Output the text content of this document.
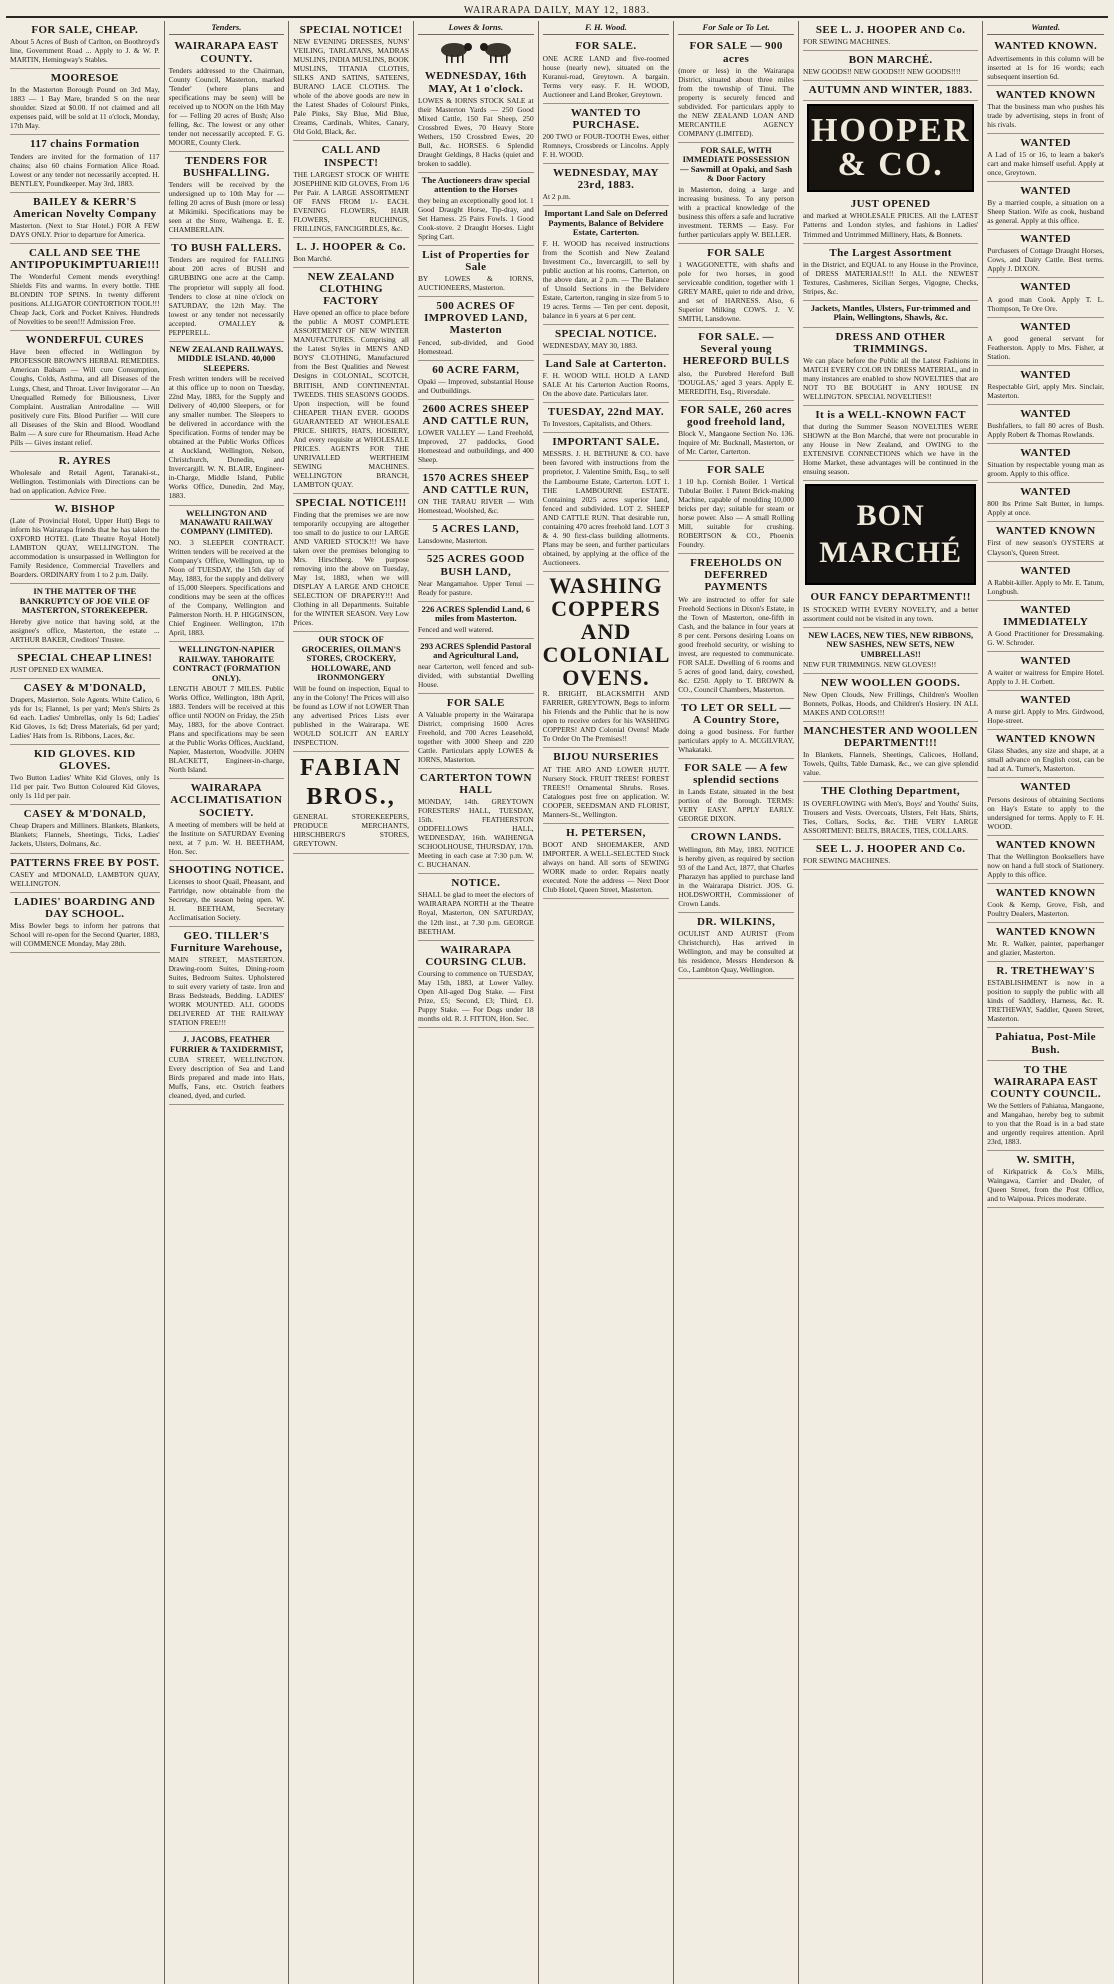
WAIRARAPA DAILY, MAY 12, 1883.
FOR SALE, CHEAP.

About 5 Acres of Bush of Carlton, on Boothroyd's line, Government Road ... Apply to J. & W. P. MARTIN, Hemingway's Stables.

MOORESOE

In the Masterton Borough Pound on 3rd May, 1883 — 1 Bay Mare, branded S on the near shoulder. Sized at $0.00. If not claimed and all expenses paid, will be sold at 11 o'clock, Monday, 17th May.

117 chains Formation

Tenders are invited for the formation of 117 chains; also 60 chains Formation Alice Road. Lowest or any tender not necessarily accepted. H. BENTLEY, Poundkeeper. May 3rd, 1883.

BAILEY & KERR'S American Novelty Company

Masterton. (Next to Star Hotel.) FOR A FEW DAYS ONLY. Prior to departure for America.

CALL AND SEE THE ANTIPOPUKIMPTUARIE!!!

The Wonderful Cement mends everything! Shields Fits and warms. In every bottle. THE BLONDIN TOP SPINS. In twenty different positions. ALLIGATOR CONTORTION TOOL!!! Cheap Jack, Cork and Pocket Knives. Hundreds of Novelties to be seen!!! Admission Free.

WONDERFUL CURES

Have been effected in Wellington by PROFESSOR BROWN'S HERBAL REMEDIES. American Balsam — Will cure Consumption, Coughs, Colds, Asthma, and all Diseases of the Lungs, Chest, and Throat. Liver Invigorator — An Unequalled Remedy for Biliousness, Liver Complaint. Australian Antrodaline — Will positively cure Fits. Blood Purifier — Will cure all Diseases of the Skin and Blood. Woodland Balm — A sure cure for Rheumatism. Head Ache Pills — Gives instant relief.

R. AYRES

Wholesale and Retail Agent, Taranaki-st., Wellington. Testimonials with Directions can be had on application. Advice Free.

W. BISHOP

(Late of Provincial Hotel, Upper Hutt) Begs to inform his Wairarapa friends that he has taken the OXFORD HOTEL (Late Theatre Royal Hotel) LAMBTON QUAY, WELLINGTON. The accommodation is unsurpassed in Wellington for Family Residence, Commercial Travellers and Boarders. ORDINARY from 1 to 2 p.m. Daily.

IN THE MATTER OF THE BANKRUPTCY OF JOE VILE OF MASTERTON, STOREKEEPER.

Hereby give notice that having sold, at the assignee's office, Masterton, the estate ... ARTHUR BAKER, Creditors' Trustee.

SPECIAL CHEAP LINES!

JUST OPENED EX WAIMEA.

CASEY & M'DONALD,

Drapers, Masterton. Sole Agents. White Calico, 6 yds for 1s; Flannel, 1s per yard; Men's Shirts 2s 6d each. Ladies' Umbrellas, only 1s 6d; Ladies' Kid Gloves, 1s 6d; Dress Materials, 6d per yard; Ladies' Hats from 1s. Ribbons, Laces, &c.

KID GLOVES. KID GLOVES.

Two Button Ladies' White Kid Gloves, only 1s 11d per pair. Two Button Coloured Kid Gloves, only 1s 11d per pair.

CASEY & M'DONALD,

Cheap Drapers and Milliners. Blankets, Blankets, Blankets; Flannels, Sheetings, Ticks, Ladies' Jackets, Ulsters, Dolmans, &c.

PATTERNS FREE BY POST.

CASEY and M'DONALD, LAMBTON QUAY, WELLINGTON.

LADIES' BOARDING AND DAY SCHOOL.

Miss Bowler begs to inform her patrons that School will re-open for the Second Quarter, 1883, will COMMENCE Monday, May 28th.

Tenders.
WAIRARAPA EAST COUNTY.

Tenders addressed to the Chairman, County Council, Masterton, marked 'Tender' (where plans and specifications may be seen) will be received up to NOON on the 16th May for — Felling 20 acres of Bush; Also felling, &c. The lowest or any other tender not necessarily accepted. F. G. MOORE, County Clerk.

TENDERS FOR BUSHFALLING.

Tenders will be received by the undersigned up to 10th May for — felling 20 acres of Bush (more or less) at Mikimiki. Specifications may be seen at the Store, Waihenga. E. E. CHAMBERLAIN.

TO BUSH FALLERS.

Tenders are required for FALLING about 200 acres of BUSH and GRUBBING one acre at the Camp. The proprietor will supply all food. Tenders to close at nine o'clock on SATURDAY, the 12th May. The lowest or any tender not necessarily accepted. O'MALLEY & PEPPERELL.

NEW ZEALAND RAILWAYS. MIDDLE ISLAND. 40,000 SLEEPERS.

Fresh written tenders will be received at this office up to noon on Tuesday, 22nd May, 1883, for the Supply and Delivery of 40,000 Sleepers, or for any smaller number. The Sleepers to be delivered in accordance with the Specification. Forms of tender may be obtained at the Public Works Offices at Auckland, Wellington, Nelson, Christchurch, Dunedin, and Invercargill. W. N. BLAIR, Engineer-in-Charge, Middle Island, Public Works Office, Dunedin, 2nd May, 1883.

WELLINGTON AND MANAWATU RAILWAY COMPANY (LIMITED).

NO. 3 SLEEPER CONTRACT. Written tenders will be received at the Company's Office, Wellington, up to Noon of TUESDAY, the 15th day of May, 1883, for the supply and delivery of 15,000 Sleepers. Specifications and conditions may be seen at the offices of the Company, Wellington and Palmerston North. H. P. HIGGINSON, Chief Engineer. Wellington, 17th April, 1883.

WELLINGTON-NAPIER RAILWAY. TAHORAITE CONTRACT (FORMATION ONLY).

LENGTH ABOUT 7 MILES. Public Works Office, Wellington, 18th April, 1883. Tenders will be received at this office until NOON on Friday, the 25th May, 1883, for the above Contract. Plans and specifications may be seen at the Public Works Offices, Auckland, Napier, Masterton, Woodville. JOHN BLACKETT, Engineer-in-charge, North Island.

WAIRARAPA ACCLIMATISATION SOCIETY.

A meeting of members will be held at the Institute on SATURDAY Evening next, at 7 p.m. W. H. BEETHAM, Hon. Sec.

SHOOTING NOTICE.

Licenses to shoot Quail, Pheasant, and Partridge, now obtainable from the Secretary, the season being open. W. H. BEETHAM, Secretary Acclimatisation Society.

GEO. TILLER'S Furniture Warehouse,

MAIN STREET, MASTERTON. Drawing-room Suites, Dining-room Suites, Bedroom Suites. Upholstered to suit every variety of taste. Iron and Brass Bedsteads, Bedding. LADIES' WORK MOUNTED. ALL GOODS DELIVERED AT THE RAILWAY STATION FREE!!!

J. JACOBS, FEATHER FURRIER & TAXIDERMIST,

CUBA STREET, WELLINGTON. Every description of Sea and Land Birds prepared and made into Hats, Muffs, Fans, etc. Ostrich feathers cleaned, dyed, and curled.

SPECIAL NOTICE!

NEW EVENING DRESSES, NUNS' VEILING, TARLATANS, MADRAS MUSLINS, INDIA MUSLINS, BOOK MUSLINS, TITANIA CLOTHS, SILKS AND SATINS, SATEENS, BURANO LACE CLOTHS. The whole of the above goods are new in the Latest Shades of Colours! Pinks, Pale Pinks, Sky Blue, Mid Blue, Creams, Cardinals, Whites, Canary, Old Gold, Black, &c.

CALL AND INSPECT!

THE LARGEST STOCK OF WHITE JOSEPHINE KID GLOVES, From 1/6 Per Pair. A LARGE ASSORTMENT OF FANS FROM 1/- EACH. EVENING FLOWERS, HAIR FLOWERS, RUCHINGS, FRILLINGS, FANCIGIRDLES, &c.

L. J. HOOPER & Co.

Bon Marché.

NEW ZEALAND CLOTHING FACTORY

Have opened an office to place before the public A MOST COMPLETE ASSORTMENT OF NEW WINTER MANUFACTURES. Comprising all the Latest Styles in MEN'S AND BOYS' CLOTHING, Manufactured from the Best Qualities and Newest Designs in COLONIAL, SCOTCH, BRITISH, AND CONTINENTAL TWEEDS. THIS SEASON'S GOODS. Upon inspection, will be found CHEAPER THAN EVER. GOODS GUARANTEED AT WHOLESALE PRICE. SHIRTS, HATS, HOSIERY, And every requisite at WHOLESALE PRICES. AGENTS FOR THE UNRIVALLED WERTHEIM SEWING MACHINES. WELLINGTON BRANCH, LAMBTON QUAY.

SPECIAL NOTICE!!!

Finding that the premises we are now temporarily occupying are altogether too small to do justice to our LARGE AND VARIED STOCK!!! We have taken over the premises belonging to Mrs. Hirschberg. We purpose removing into the above on Tuesday, May 1st, 1883, when we will DISPLAY A LARGE AND CHOICE SELECTION OF DRAPERY!!! And Clothing in all Departments. Suitable for the WINTER SEASON. Very Low Prices.

OUR STOCK OF GROCERIES, OILMAN'S STORES, CROCKERY, HOLLOWARE, AND IRONMONGERY

Will be found on inspection, Equal to any in the Colony! The Prices will also be found as LOW if not LOWER Than any advertised Prices Lists ever published in the Wairarapa. WE WOULD SOLICIT AN EARLY INSPECTION.

FABIAN BROS.,

GENERAL STOREKEEPERS, PRODUCE MERCHANTS, HIRSCHBERG'S STORES, GREYTOWN.

Lowes & Iorns.
WEDNESDAY, 16th MAY, At 1 o'clock.

LOWES & IORNS STOCK SALE at their Masterton Yards — 250 Good Mixed Cattle, 150 Fat Sheep, 250 Crossbred Ewes, 70 Heavy Store Wethers, 150 Crossbred Ewes, 20 Bull, &c. HORSES. 6 Splendid Draught Geldings, 8 Hacks (quiet and broken to saddle).

The Auctioneers draw special attention to the Horses

they being an exceptionally good lot. 1 Good Draught Horse, Tip-dray, and Set Harness. 25 Pairs Fowls. 1 Good Cook-stove. 2 Draught Horses. Light Spring Cart.

List of Properties for Sale

BY LOWES & IORNS, AUCTIONEERS, Masterton.

500 ACRES OF IMPROVED LAND, Masterton

Fenced, sub-divided, and Good Homestead.

60 ACRE FARM,

Opaki — Improved, substantial House and Outbuildings.

2600 ACRES SHEEP AND CATTLE RUN,

LOWER VALLEY — Land Freehold, Improved, 27 paddocks, Good Homestead and outbuildings, and 400 Sheep.

1570 ACRES SHEEP AND CATTLE RUN,

ON THE TARAU RIVER — With Homestead, Woolshed, &c.

5 ACRES LAND,

Lansdowne, Masterton.

525 ACRES GOOD BUSH LAND,

Near Mangamahoe. Upper Tenui — Ready for pasture.

226 ACRES Splendid Land, 6 miles from Masterton.

Fenced and well watered.

293 ACRES Splendid Pastoral and Agricultural Land,

near Carterton, well fenced and sub-divided, with substantial Dwelling House.

FOR SALE

A Valuable property in the Wairarapa District, comprising 1600 Acres Freehold, and 700 Acres Leasehold, together with 3000 Sheep and 220 Cattle. Particulars apply LOWES & IORNS, Masterton.

CARTERTON TOWN HALL

MONDAY, 14th. GREYTOWN FORESTERS' HALL, TUESDAY, 15th. FEATHERSTON ODDFELLOWS HALL, WEDNESDAY, 16th. WAIHENGA SCHOOLHOUSE, THURSDAY, 17th. Meeting in each case at 7:30 p.m. W. C. BUCHANAN.

NOTICE.

SHALL be glad to meet the electors of WAIRARAPA NORTH at the Theatre Royal, Masterton, ON SATURDAY, the 12th inst., at 7.30 p.m. GEORGE BEETHAM.

WAIRARAPA COURSING CLUB.

Coursing to commence on TUESDAY, May 15th, 1883, at Lower Valley. Open All-aged Dog Stake. — First Prize, £5; Second, £3; Third, £1. Puppy Stake. — For Dogs under 18 months old. R. J. FITTON, Hon. Sec.

F. H. Wood.
FOR SALE.

ONE ACRE LAND and five-roomed house (nearly new), situated on the Kuranui-road, Greytown. A bargain. Terms very easy. F. H. WOOD, Auctioneer and Land Broker, Greytown.

WANTED TO PURCHASE.

200 TWO or FOUR-TOOTH Ewes, either Romneys, Crossbreds or Lincolns. Apply F. H. WOOD.

WEDNESDAY, MAY 23rd, 1883.

At 2 p.m.

Important Land Sale on Deferred Payments, Balance of Belvidere Estate, Carterton.

F. H. WOOD has received instructions from the Scottish and New Zealand Investment Co., Invercargill, to sell by public auction at his rooms, Carterton, on the above date, at 2 p.m. — The Balance of Unsold Sections in the Belvidere Estate, Carterton, ranging in size from 5 to 19 acres. Terms — Ten per cent. deposit, balance in 6 years at 6 per cent.

SPECIAL NOTICE.

WEDNESDAY, MAY 30, 1883.

Land Sale at Carterton.

F. H. WOOD WILL HOLD A LAND SALE At his Carterton Auction Rooms, On the above date. Particulars later.

TUESDAY, 22nd MAY.

To Investors, Capitalists, and Others.

IMPORTANT SALE.

MESSRS. J. H. BETHUNE & CO. have been favored with instructions from the proprietor, J. Valentine Smith, Esq., to sell the Lambourne Estate, Carterton. LOT 1. THE LAMBOURNE ESTATE. Containing 2025 acres superior land, fenced and subdivided. LOT 2. SHEEP AND CATTLE RUN. That desirable run, containing 470 acres freehold land. LOT 3 & 4. 90 first-class building allotments. Plans may be seen, and further particulars obtained, by applying at the office of the Auctioneers.

WASHING COPPERS AND COLONIAL OVENS.

R. BRIGHT, BLACKSMITH AND FARRIER, GREYTOWN, Begs to inform his Friends and the Public that he is now open to receive orders for his WASHING COPPERS! AND Colonial Ovens! Made To Order On The Premises!!

BIJOU NURSERIES

AT THE ARO AND LOWER HUTT. Nursery Stock. FRUIT TREES! FOREST TREES!! Ornamental Shrubs. Roses. Catalogues post free on application. W. COOPER, SEEDSMAN AND FLORIST, Manners-St., Wellington.

H. PETERSEN,

BOOT AND SHOEMAKER, AND IMPORTER. A WELL-SELECTED Stock always on hand. All sorts of SEWING WORK made to order. Repairs neatly executed. Note the address — Next Door Club Hotel, Queen Street, Masterton.

For Sale or To Let.
FOR SALE — 900 acres

(more or less) in the Wairarapa District, situated about three miles from the township of Tinui. The property is securely fenced and subdivided. For particulars apply to the NEW ZEALAND LOAN AND MERCANTILE AGENCY COMPANY (LIMITED).

FOR SALE, WITH IMMEDIATE POSSESSION — Sawmill at Opaki, and Sash & Door Factory

in Masterton, doing a large and increasing business. To any person with a practical knowledge of the business this offers a safe and lucrative investment. TERMS — Easy. For further particulars apply W. BELLER.

FOR SALE

1 WAGGONETTE, with shafts and pole for two horses, in good serviceable condition, together with 1 GREY MARE, quiet to ride and drive, and set of HARNESS. Also, 6 Superior Milking COWS. J. V. SMITH, Lansdowne.

FOR SALE. — Several young HEREFORD BULLS

also, the Purebred Hereford Bull 'DOUGLAS,' aged 3 years. Apply E. MEREDITH, Esq., Riversdale.

FOR SALE, 260 acres good freehold land,

Block V., Mangaone Section No. 136. Inquire of Mr. Bucknall, Masterton, or of Mr. Carter, Carterton.

FOR SALE

1 10 h.p. Cornish Boiler. 1 Vertical Tubular Boiler. 1 Patent Brick-making Machine, capable of moulding 10,000 bricks per day; suitable for steam or horse power. Also — A small Rolling Mill, suitable for crushing. ROBERTSON & CO., Phoenix Foundry.

FREEHOLDS ON DEFERRED PAYMENTS

We are instructed to offer for sale Freehold Sections in Dixon's Estate, in the Town of Masterton, one-fifth in Cash, and the balance in four years at 8 per cent. Persons desiring Loans on good freehold security, or wishing to invest, are requested to communicate. FOR SALE. Dwelling of 6 rooms and 5 acres of good land, dairy, cowshed, &c. £250. Apply to T. BROWN & CO., Council Chambers, Masterton.

TO LET OR SELL — A Country Store,

doing a good business. For further particulars apply to A. MCGILVRAY, Whakataki.

FOR SALE — A few splendid sections

in Lands Estate, situated in the best portion of the Borough. TERMS: VERY EASY. APPLY EARLY. GEORGE DIXON.

CROWN LANDS.

Wellington, 8th May, 1883. NOTICE is hereby given, as required by section 93 of the Land Act, 1877, that Charles Pharazyn has applied to purchase land in the Wairarapa District. JOS. G. HOLDSWORTH, Commissioner of Crown Lands.

DR. WILKINS,

OCULIST AND AURIST (From Christchurch), Has arrived in Wellington, and may be consulted at his residence, Messrs Henderson & Co., Lambton Quay, Wellington.

SEE L. J. HOOPER AND Co.

FOR SEWING MACHINES.

BON MARCHÉ.

NEW GOODS!! NEW GOODS!!! NEW GOODS!!!!

AUTUMN AND WINTER, 1883.
HOOPER & CO.
JUST OPENED

and marked at WHOLESALE PRICES. All the LATEST Patterns and London styles, and fashions in Ladies' Trimmed and Untrimmed Millinery, Hats, & Bonnets.

The Largest Assortment

in the District, and EQUAL to any House in the Province, of DRESS MATERIALS!!! In ALL the NEWEST Textures, Cashmeres, Sicilian Serges, Vigogne, Checks, Stripes, &c.

Jackets, Mantles, Ulsters, Fur-trimmed and Plain, Wellingtons, Shawls, &c.
DRESS AND OTHER TRIMMINGS.

We can place before the Public all the Latest Fashions in MATCH EVERY COLOR IN DRESS MATERIAL, and in many instances are enabled to show NOVELTIES that are NOT TO BE BOUGHT in ANY HOUSE IN WELLINGTON. SPECIAL NOVELTIES!!

It is a WELL-KNOWN FACT

that during the Summer Season NOVELTIES WERE SHOWN at the Bon Marché, that were not procurable in any House in New Zealand, and OWING to the EXTENSIVE CONNECTIONS which we have in the Home Market, these advantages will be continued in the ensuing season.

BON MARCHÉ
OUR FANCY DEPARTMENT!!

IS STOCKED WITH EVERY NOVELTY, and a better assortment could not be visited in any town.

NEW LACES, NEW TIES, NEW RIBBONS, NEW SASHES, NEW SETS, NEW UMBRELLAS!!

NEW FUR TRIMMINGS. NEW GLOVES!!

NEW WOOLLEN GOODS.

New Open Clouds, New Frillings, Children's Woollen Bonnets, Polkas, Hoods, and Children's Hosiery. IN ALL MAKES AND COLORS!!!

MANCHESTER AND WOOLLEN DEPARTMENT!!!

In Blankets, Flannels, Sheetings, Calicoes, Holland, Towels, Quilts, Table Damask, &c., we can give splendid value.

THE Clothing Department,

IS OVERFLOWING with Men's, Boys' and Youths' Suits, Trousers and Vests. Overcoats, Ulsters, Felt Hats, Shirts, Ties, Collars, Socks, &c. THE VERY LARGE ASSORTMENT: BELTS, BRACES, TIES, COLLARS.

SEE L. J. HOOPER AND Co.

FOR SEWING MACHINES.

Wanted.
WANTED KNOWN.

Advertisements in this column will be inserted at 1s for 16 words; each subsequent insertion 6d.

WANTED KNOWN

That the business man who pushes his trade by advertising, steps in front of his rivals.

WANTED

A Lad of 15 or 16, to learn a baker's cart and make himself useful. Apply at once, Greytown.

WANTED

By a married couple, a situation on a Sheep Station. Wife as cook, husband as general. Apply at this office.

WANTED

Purchasers of Cottage Draught Horses, Cows, and Dairy Cattle. Best terms. Apply J. DIXON.

WANTED

A good man Cook. Apply T. L. Thompson, Te Ore Ore.

WANTED

A good general servant for Featherston. Apply to Mrs. Fisher, at Station.

WANTED

Respectable Girl, apply Mrs. Sinclair, Masterton.

WANTED

Bushfallers, to fall 80 acres of Bush. Apply Robert & Thomas Rowlands.

WANTED

Situation by respectable young man as groom. Apply to this office.

WANTED

800 lbs Prime Salt Butter, in lumps. Apply at once.

WANTED KNOWN

First of new season's OYSTERS at Clayson's, Queen Street.

WANTED

A Rabbit-killer. Apply to Mr. E. Tatum, Longbush.

WANTED IMMEDIATELY

A Good Practitioner for Dressmaking. G. W. Schroder.

WANTED

A waiter or waitress for Empire Hotel. Apply to J. H. Corbett.

WANTED

A nurse girl. Apply to Mrs. Girdwood, Hope-street.

WANTED KNOWN

Glass Shades, any size and shape, at a small advance on English cost, can be had at A. Turner's, Masterton.

WANTED

Persons desirous of obtaining Sections on Hay's Estate to apply to the undersigned for terms. Apply to F. H. WOOD.

WANTED KNOWN

That the Wellington Booksellers have now on hand a full stock of Stationery. Apply to this office.

WANTED KNOWN

Cook & Kemp, Grove, Fish, and Poultry Dealers, Masterton.

WANTED KNOWN

Mr. R. Walker, painter, paperhanger and glazier, Masterton.

R. TRETHEWAY'S

ESTABLISHMENT is now in a position to supply the public with all kinds of Saddlery, Harness, &c. R. TRETHEWAY, Saddler, Queen Street, Masterton.

Pahiatua, Post-Mile Bush.
TO THE WAIRARAPA EAST COUNTY COUNCIL.

We the Settlers of Pahiatua, Mangaone, and Mangahao, hereby beg to submit to you that the Road is in a bad state and urgently requires attention. April 23rd, 1883.

W. SMITH,

of Kirkpatrick & Co.'s Mills, Waingawa, Carrier and Dealer, of Queen Street, from the Post Office, and to Waipoua. Prices moderate.
